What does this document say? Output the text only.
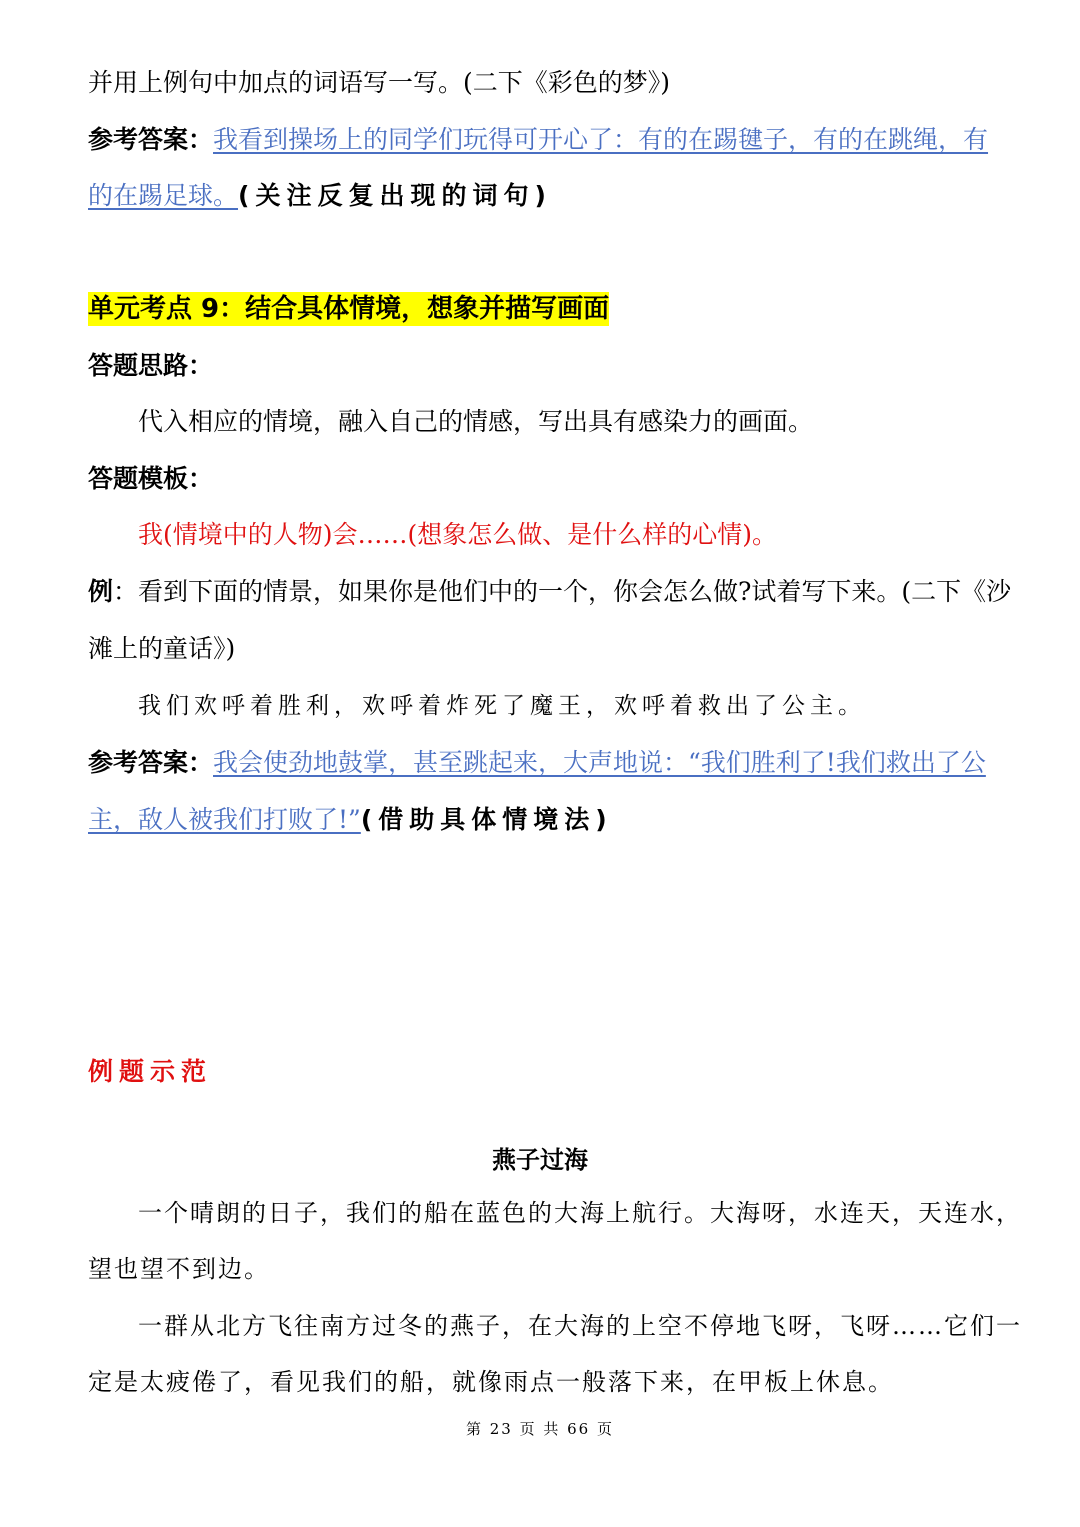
并用上例句中加点的词语写一写。(二下《彩色的梦》)
参考答案：我看到操场上的同学们玩得可开心了：有的在踢毽子，有的在跳绳，有
的在踢足球。(关注反复出现的词句)
单元考点 9：结合具体情境，想象并描写画面
答题思路：
代入相应的情境，融入自己的情感，写出具有感染力的画面。
答题模板：
我(情境中的人物)会……(想象怎么做、是什么样的心情)。
例：看到下面的情景，如果你是他们中的一个，你会怎么做?试着写下来。(二下《沙
滩上的童话》)
我们欢呼着胜利，欢呼着炸死了魔王，欢呼着救出了公主。
参考答案：我会使劲地鼓掌，甚至跳起来，大声地说：“我们胜利了!我们救出了公
主，敌人被我们打败了!”(借助具体情境法)
例题示范
燕子过海
一个晴朗的日子，我们的船在蓝色的大海上航行。大海呀，水连天，天连水，
望也望不到边。
一群从北方飞往南方过冬的燕子，在大海的上空不停地飞呀，飞呀……它们一
定是太疲倦了，看见我们的船，就像雨点一般落下来，在甲板上休息。
第 23 页 共 66 页
